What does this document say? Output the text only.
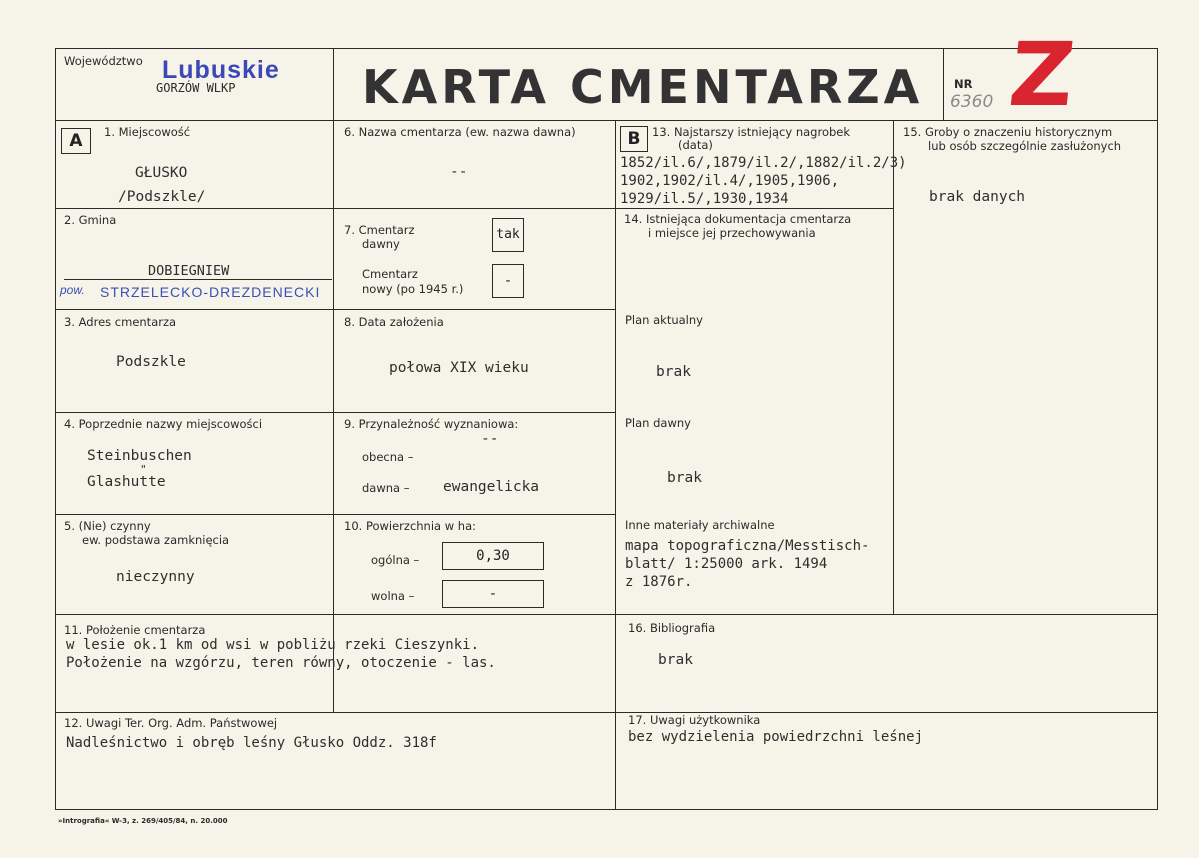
Województwo Lubuskie
GORZÓW WLKP	KARTA CMENTARZA	NR
6360 Z
A	1. Miejscowość
GŁUSKO
/Podszkle/
2. Gmina
DOBIEGNIEW
pow. STRZELECKO-DREZDENECKI
3. Adres cmentarza
Podszkle
4. Poprzednie nazwy miejscowości
Steinbuschen
"
Glashutte
5. (Nie) czynny
ew. podstawa zamknięcia
nieczynny
6. Nazwa cmentarza (ew. nazwa dawna)
--
7. Cmentarz
dawny
tak
Cmentarz
nowy (po 1945 r.)	-
8. Data założenia
połowa XIX wieku
9. Przynależność wyznaniowa:
--
obecna –
dawna – ewangelicka
10. Powierzchnia w ha:
ogólna –	0,30
wolna –	-
B	13. Najstarszy istniejący nagrobek
(data)
1852/il.6/,1879/il.2/,1882/il.2/3)
1902,1902/il.4/,1905,1906,
1929/il.5/,1930,1934
14. Istniejąca dokumentacja cmentarza
i miejsce jej przechowywania
Plan aktualny
brak
Plan dawny
brak
Inne materiały archiwalne
mapa topograficzna/Messtisch-
blatt/ 1:25000 ark. 1494
z 1876r.
15. Groby o znaczeniu historycznym
lub osób szczególnie zasłużonych
brak danych
11. Położenie cmentarza
w lesie ok.1 km od wsi w pobliżu rzeki Cieszynki.
Położenie na wzgórzu, teren równy, otoczenie - las.
16. Bibliografia
brak
12. Uwagi Ter. Org. Adm. Państwowej
Nadleśnictwo i obręb leśny Głusko Oddz. 318f
17. Uwagi użytkownika
bez wydzielenia powiedrzchni leśnej
»Intrografia« W-3, z. 269/405/84, n. 20.000
